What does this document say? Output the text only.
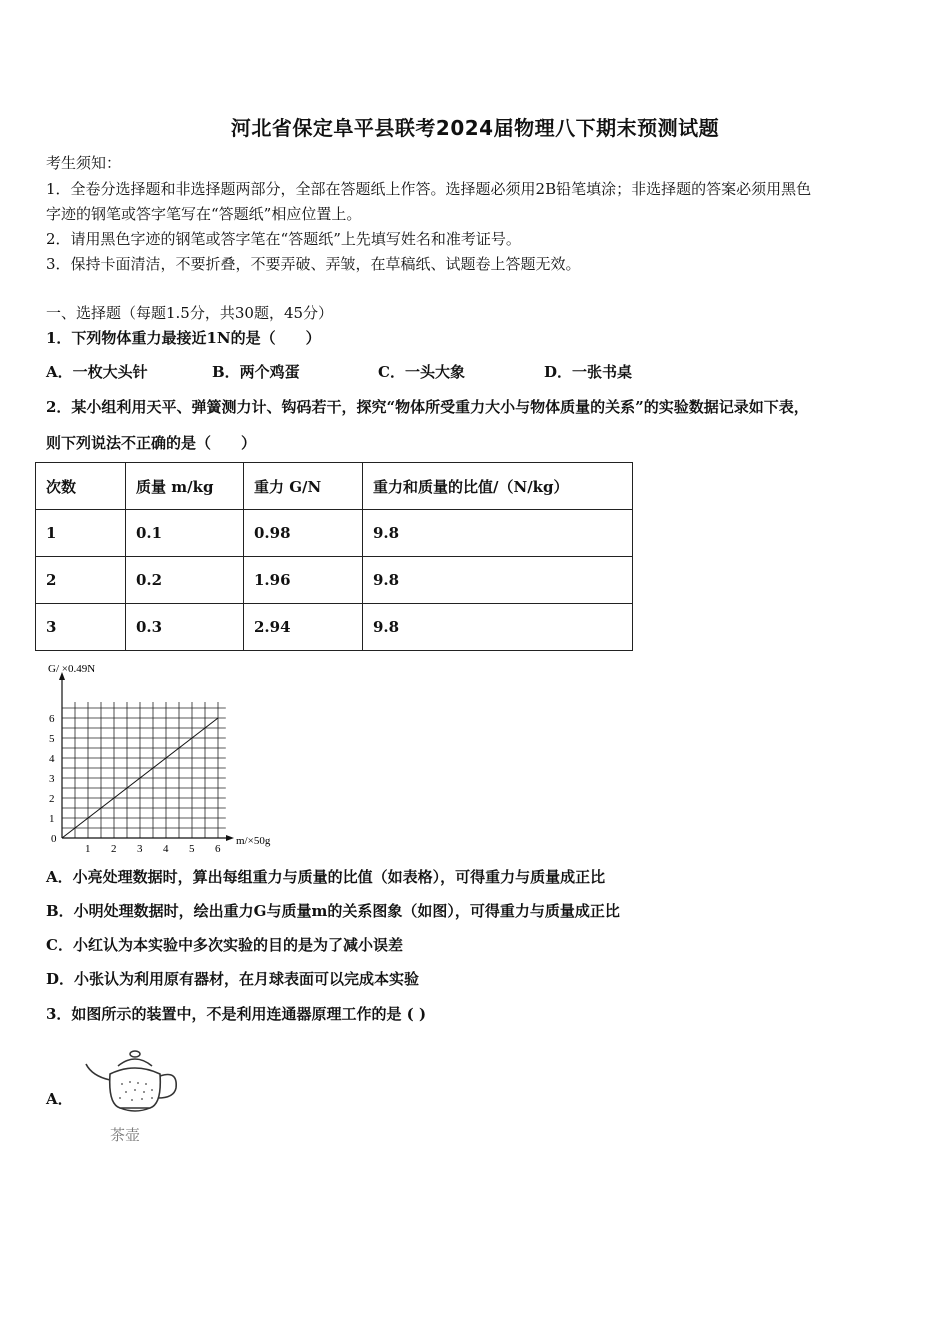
河北省保定阜平县联考2024届物理八下期末预测试题
考生须知：
1．全卷分选择题和非选择题两部分，全部在答题纸上作答。选择题必须用2B铅笔填涂；非选择题的答案必须用黑色
字迹的钢笔或答字笔写在“答题纸”相应位置上。
2．请用黑色字迹的钢笔或答字笔在“答题纸”上先填写姓名和准考证号。
3．保持卡面清洁，不要折叠，不要弄破、弄皱，在草稿纸、试题卷上答题无效。
一、选择题（每题1.5分，共30题，45分）
1．下列物体重力最接近1N的是（　　）
A．一枚大头针	B．两个鸡蛋	C．一头大象	D．一张书桌
2．某小组利用天平、弹簧测力计、钩码若干，探究“物体所受重力大小与物体质量的关系”的实验数据记录如下表，
则下列说法不正确的是（　　）
次数	质量 m/kg	重力 G/N	重力和质量的比值/（N/kg）
1	0.1	0.98	9.8
2	0.2	1.96	9.8
3	0.3	2.94	9.8
G/ ×0.49N
m/×50g
0
1
2
3
4
5
6
1 2 3 4 5 6
A．小亮处理数据时，算出每组重力与质量的比值（如表格），可得重力与质量成正比
B．小明处理数据时，绘出重力G与质量m的关系图象（如图），可得重力与质量成正比
C．小红认为本实验中多次实验的目的是为了减小误差
D．小张认为利用原有器材，在月球表面可以完成本实验
3．如图所示的装置中，不是利用连通器原理工作的是 ( )
A．
茶壶
